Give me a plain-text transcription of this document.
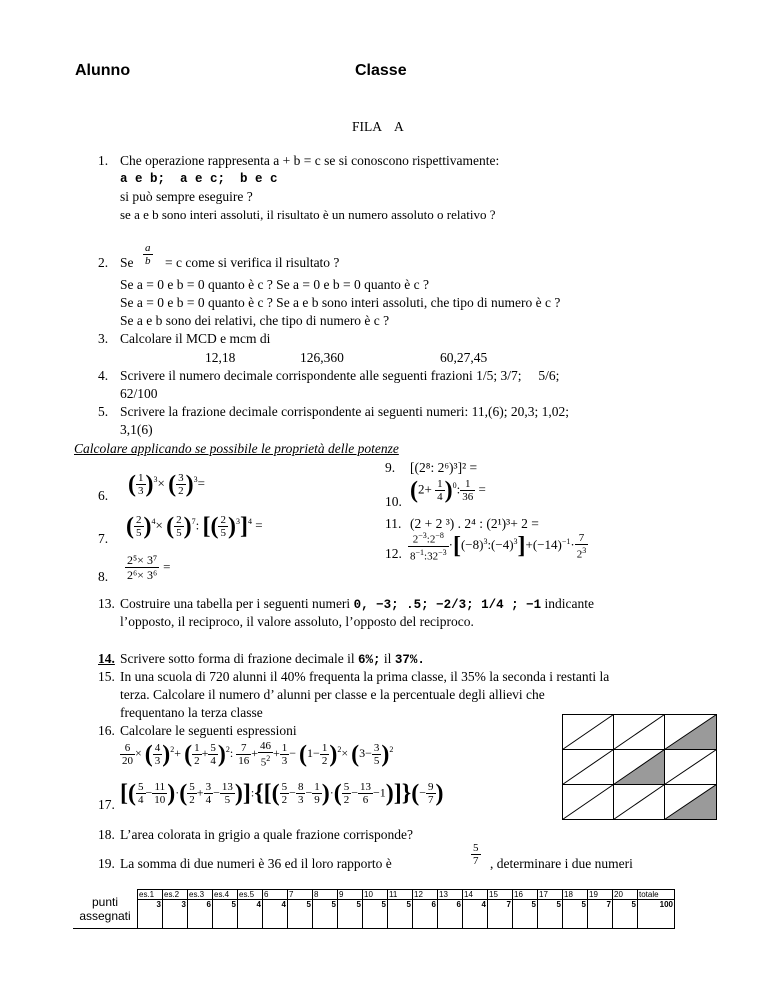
Alunno	Classe
FILA    A
1. Che operazione rappresenta a + b = c se si conoscono rispettivamente:
a e b;  a e c;  b e c
si può sempre eseguire ?
se a e b sono interi assoluti, il risultato è un numero assoluto o relativo ?
2. Se $\frac{a}{b} = c$ come si verifica il risultato ?
Se a = 0 e b = 0 quanto è c ? Se a = 0 e b = 0 quanto è c ?
Se a = 0 e b = 0 quanto è c ? Se a e b sono interi assoluti, che tipo di numero è c ?
Se a e b sono dei relativi, che tipo di numero è c ?
3. Calcolare il MCD e mcm di
12,18	126,360	60,27,45
4. Scrivere il numero decimale corrispondente alle seguenti frazioni 1/5; 3/7;     5/6;
62/100
5. Scrivere la frazione decimale corrispondente ai seguenti numeri: 11,(6); 20,3; 1,02;
3,1(6)
Calcolare applicando se possibile le proprietà delle potenze
9. [(2⁸: 2⁶)³]² =
6. ( $\frac{1}{3} )^3\times$ ( $\frac{3}{2} )^3=$
10. $(2+ \frac{1}{4} )^0$: $\frac{1}{36}$ =
11. (2 + 2 ³) . 2⁴ : (2¹)³+ 2 =
7. ( $\frac{2}{5} )^4\times$ ( $\frac{2}{5} )^7$: [( $\frac{2}{5} )^3]^4$ =
12. $\frac{2^{-3}:2^{-8}}{8^{-1}:32^{-3}}$ $\cdot[(-8)^3:(-4)^3]+(-14)^{-1}\cdot \frac{7}{2^3}$
8. $\frac{\text{2⁵× 3⁷}}{\text{2⁶× 3⁶}}$ =
13. Costruire una tabella per i seguenti numeri 0, −3; .5; −2/3; 1/4 ; −1 indicante
l’opposto, il reciproco, il valore assoluto, l’opposto del reciproco.
14. Scrivere sotto forma di frazione decimale il 6%; il 37%.
15. In una scuola di 720 alunni il 40% frequenta la prima classe, il 35% la seconda i restanti la
terza. Calcolare il numero d’ alunni per classe e la percentuale degli allievi che
frequentano la terza classe
16. Calcolare le seguenti espressioni
$\frac{6}{20}$ × ( $\frac{4}{3} )^2+$ ( $\frac{1}{2} + \frac{5}{4} )^2$: $\frac{7}{16} + \frac{46}{5^2} + \frac{1}{3} - (1- \frac{1}{2} )^2\times (3- \frac{3}{5} )^2$
17. [( $\frac{5}{4} - \frac{11}{10}$ )·( $\frac{5}{2} + \frac{3}{4} - \frac{13}{5}$ )]:{[( $\frac{5}{2} - \frac{8}{3} - \frac{1}{9}$ )·( $\frac{5}{2} - \frac{13}{6} -1)]\}(- \frac{9}{7}$ )
18. L’area colorata in grigio a quale frazione corrisponde?
19. La somma di due numeri è 36 ed il loro rapporto è	$\frac{5}{7}$ , determinare i due numeri
punti assegnati	es.1	es.2	es.3	es.4	es.5	6	7	8	9	10	11	12	13	14	15	16	17	18	19	20	totale
	3	3	6	5	4	4	5	5	5	5	5	6	6	4	7	5	5	5	7	5	100
